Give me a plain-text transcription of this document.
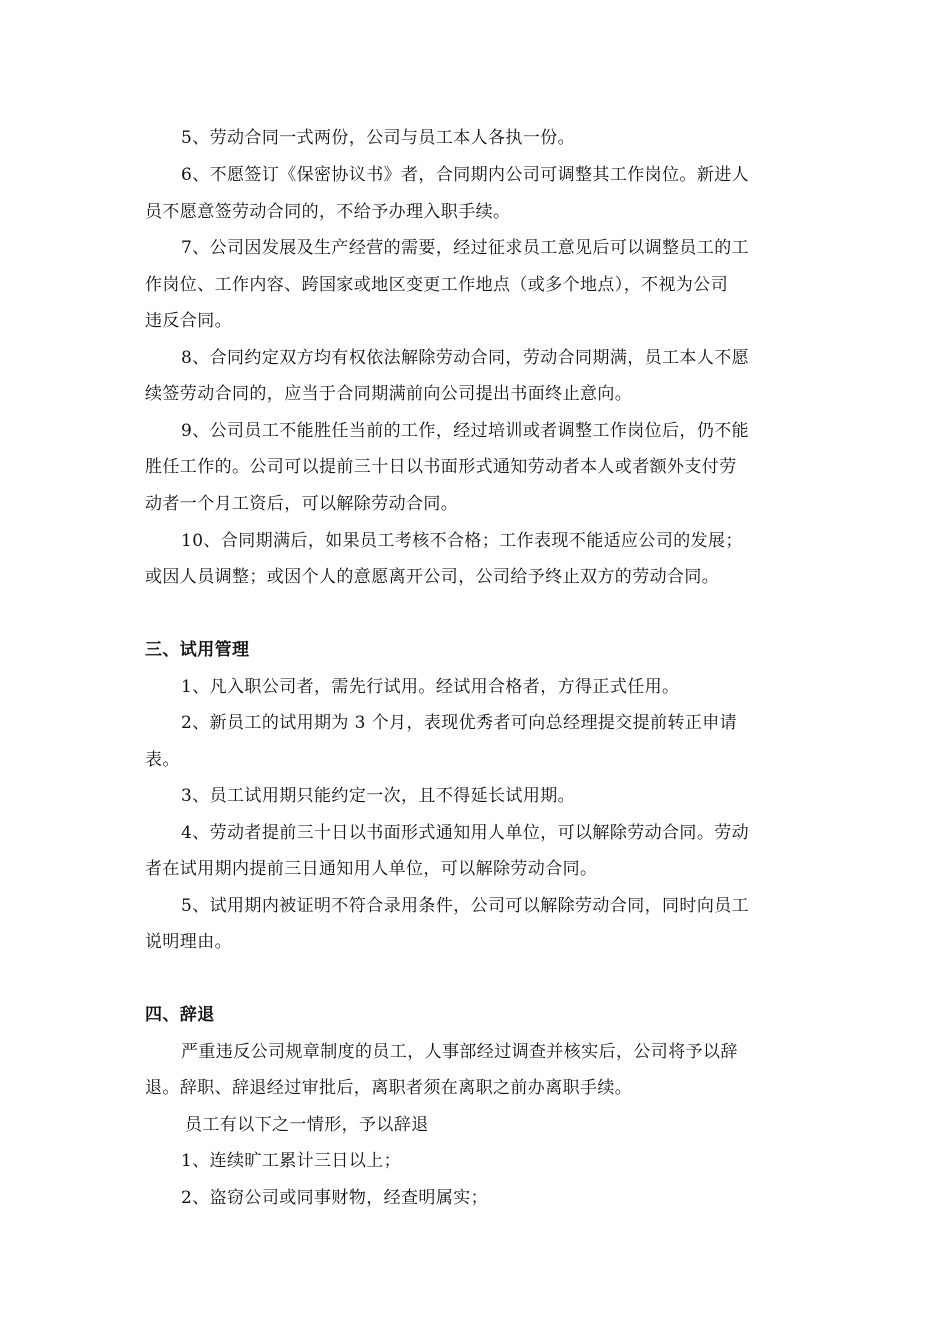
5、劳动合同一式两份，公司与员工本人各执一份。
6、不愿签订《保密协议书》者，合同期内公司可调整其工作岗位。新进人
员不愿意签劳动合同的，不给予办理入职手续。
7、公司因发展及生产经营的需要，经过征求员工意见后可以调整员工的工
作岗位、工作内容、跨国家或地区变更工作地点（或多个地点），不视为公司
违反合同。
8、合同约定双方均有权依法解除劳动合同，劳动合同期满，员工本人不愿
续签劳动合同的，应当于合同期满前向公司提出书面终止意向。
9、公司员工不能胜任当前的工作，经过培训或者调整工作岗位后，仍不能
胜任工作的。公司可以提前三十日以书面形式通知劳动者本人或者额外支付劳
动者一个月工资后，可以解除劳动合同。
10、合同期满后，如果员工考核不合格；工作表现不能适应公司的发展；
或因人员调整；或因个人的意愿离开公司，公司给予终止双方的劳动合同。
三、试用管理
1、凡入职公司者，需先行试用。经试用合格者，方得正式任用。
2、新员工的试用期为 3 个月，表现优秀者可向总经理提交提前转正申请
表。
3、员工试用期只能约定一次，且不得延长试用期。
4、劳动者提前三十日以书面形式通知用人单位，可以解除劳动合同。劳动
者在试用期内提前三日通知用人单位，可以解除劳动合同。
5、试用期内被证明不符合录用条件，公司可以解除劳动合同，同时向员工
说明理由。
四、辞退
严重违反公司规章制度的员工，人事部经过调查并核实后，公司将予以辞
退。辞职、辞退经过审批后，离职者须在离职之前办离职手续。
员工有以下之一情形，予以辞退
1、连续旷工累计三日以上；
2、盗窃公司或同事财物，经查明属实；
